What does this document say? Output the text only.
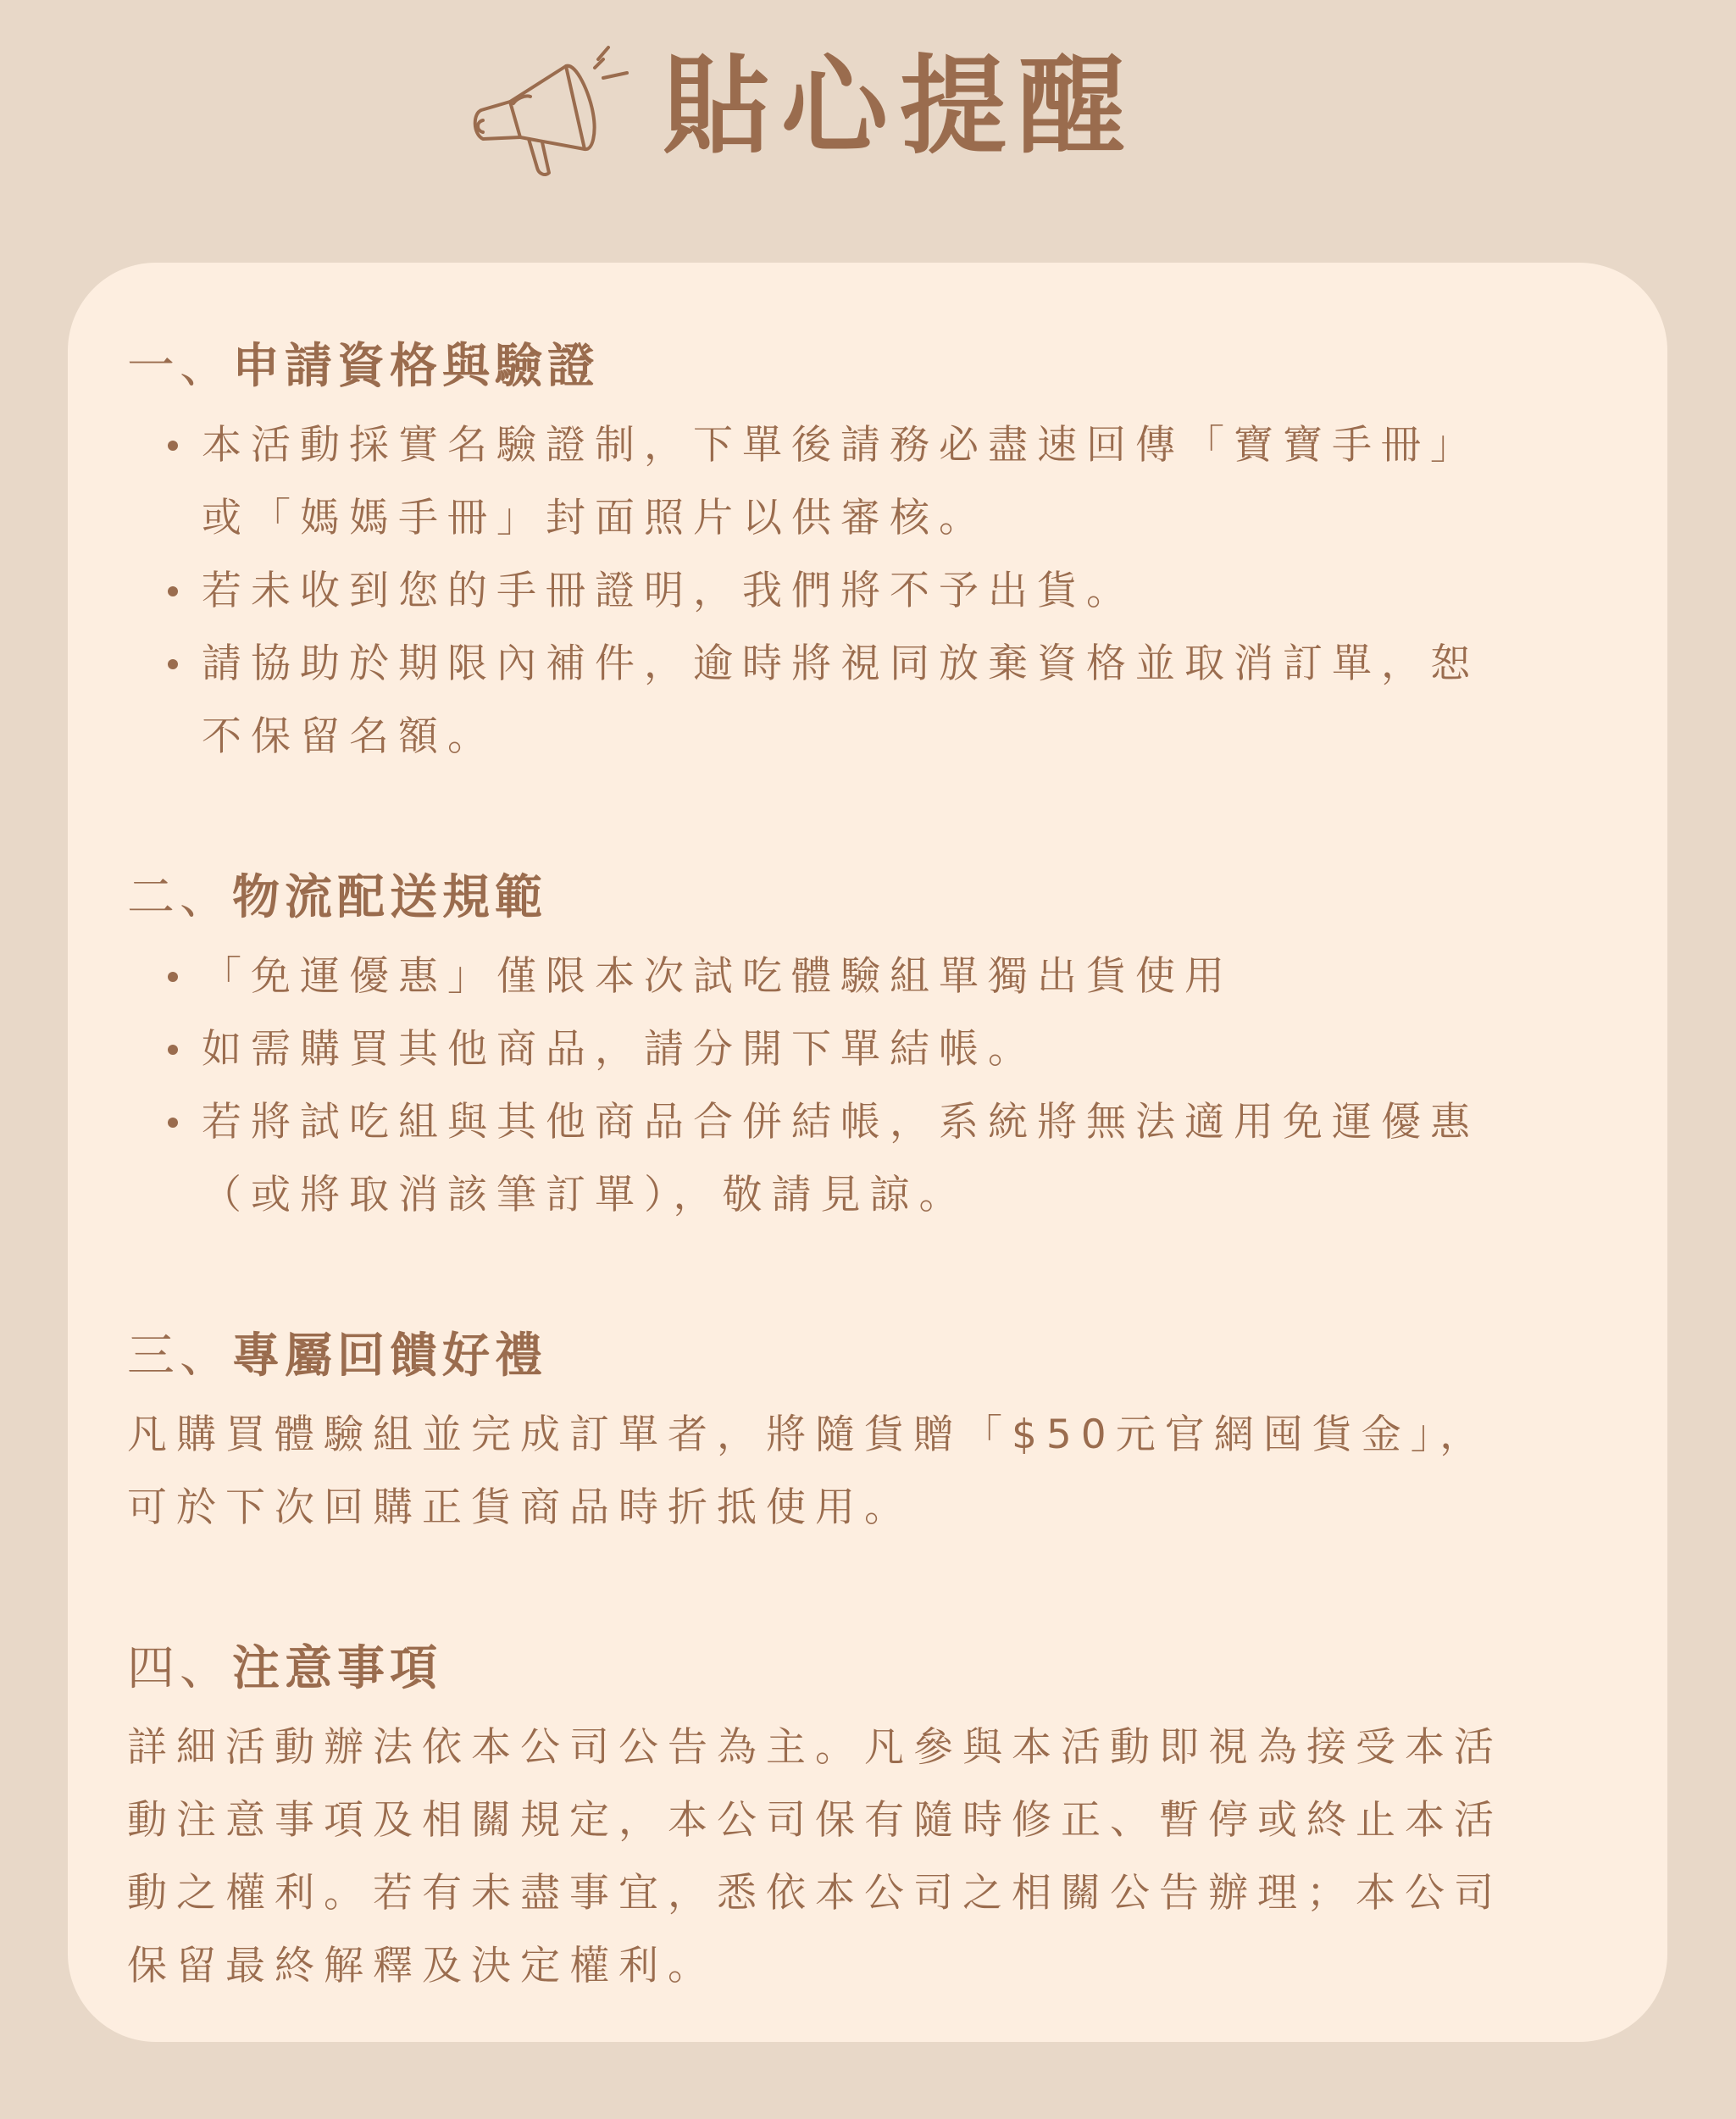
貼心提醒
一、申請資格與驗證
本活動採實名驗證制，下單後請務必盡速回傳「寶寶手冊」
或「媽媽手冊」封面照片以供審核。
若未收到您的手冊證明，我們將不予出貨。
請協助於期限內補件，逾時將視同放棄資格並取消訂單，恕
不保留名額。
二、物流配送規範
「免運優惠」僅限本次試吃體驗組單獨出貨使用
如需購買其他商品，請分開下單結帳。
若將試吃組與其他商品合併結帳，系統將無法適用免運優惠
（或將取消該筆訂單），敬請見諒。
三、專屬回饋好禮

凡購買體驗組並完成訂單者，將隨貨贈「$50元官網囤貨金」，
可於下次回購正貨商品時折抵使用。

四、注意事項

詳細活動辦法依本公司公告為主。凡參與本活動即視為接受本活
動注意事項及相關規定，本公司保有隨時修正、暫停或終止本活
動之權利。若有未盡事宜，悉依本公司之相關公告辦理；本公司
保留最終解釋及決定權利。
